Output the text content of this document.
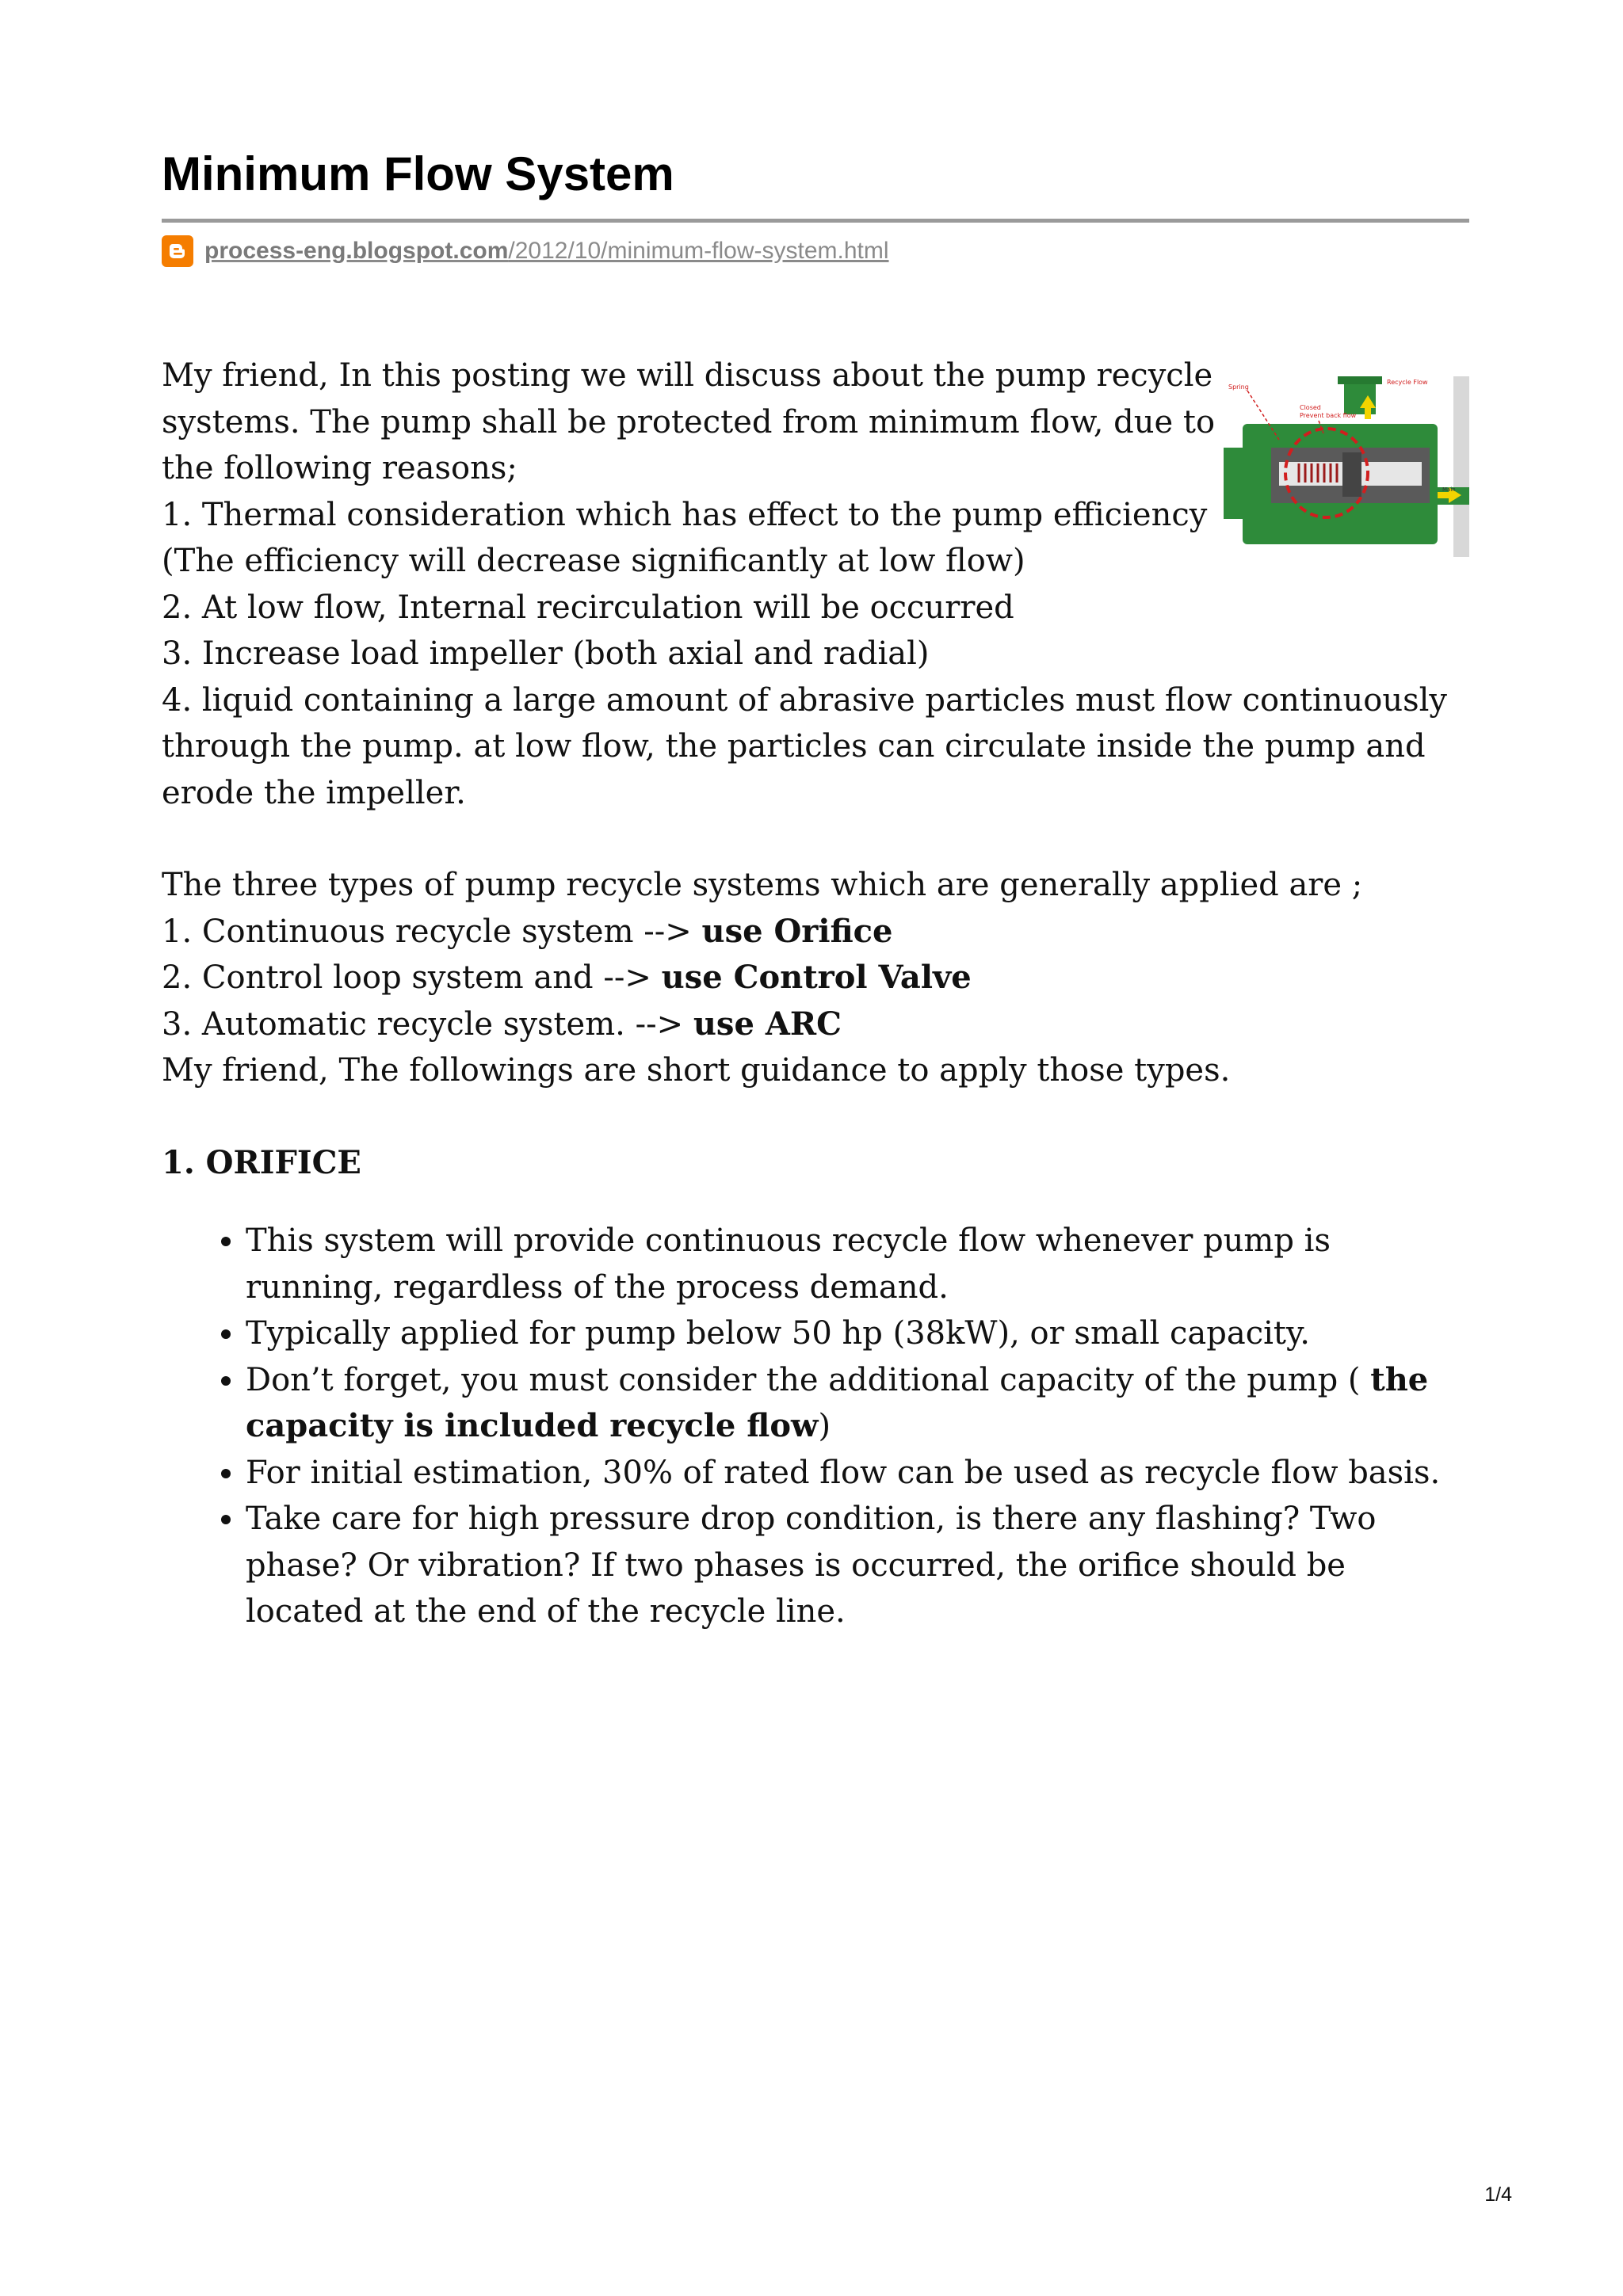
Minimum Flow System
process-eng.blogspot.com/2012/10/minimum-flow-system.html
Recycle Flow
Spring
Closed
Prevent back flow
Main
My friend, In this posting we will discuss about the pump recycle
systems. The pump shall be protected from minimum flow, due to
the following reasons;
1. Thermal consideration which has effect to the pump efficiency
(The efficiency will decrease significantly at low flow)
2. At low flow, Internal recirculation will be occurred
3. Increase load impeller (both axial and radial)
4. liquid containing a large amount of abrasive particles must flow continuously through the pump. at low flow, the particles can circulate inside the pump and erode the impeller.
The three types of pump recycle systems which are generally applied are ;
1. Continuous recycle system --> use Orifice
2. Control loop system and --> use Control Valve
3. Automatic recycle system. --> use ARC
My friend, The followings are short guidance to apply those types.

1. ORIFICE

• This system will provide continuous recycle flow whenever pump is running, regardless of the process demand.
• Typically applied for pump below 50 hp (38kW), or small capacity.
• Don’t forget, you must consider the additional capacity of the pump ( the capacity is included recycle flow)
• For initial estimation, 30% of rated flow can be used as recycle flow basis.
• Take care for high pressure drop condition, is there any flashing? Two phase? Or vibration? If two phases is occurred, the orifice should be located at the end of the recycle line.
1/4
